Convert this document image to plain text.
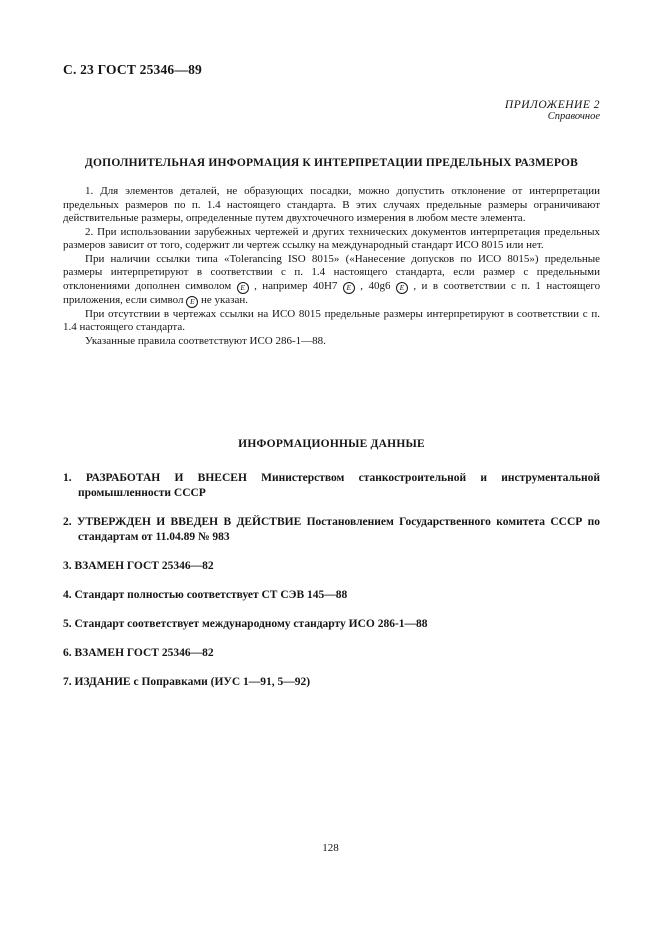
С. 23 ГОСТ 25346—89
ПРИЛОЖЕНИЕ 2
Справочное
ДОПОЛНИТЕЛЬНАЯ ИНФОРМАЦИЯ К ИНТЕРПРЕТАЦИИ ПРЕДЕЛЬНЫХ РАЗМЕРОВ

1. Для элементов деталей, не образующих посадки, можно допустить отклонение от интерпретации предельных размеров по п. 1.4 настоящего стандарта. В этих случаях предельные размеры ограничивают действительные размеры, определенные путем двухточечного измерения в любом месте элемента.

2. При использовании зарубежных чертежей и других технических документов интерпретация предельных размеров зависит от того, содержит ли чертеж ссылку на международный стандарт ИСО 8015 или нет.

При наличии ссылки типа «Tolerancing ISO 8015» («Нанесение допусков по ИСО 8015») предельные размеры интерпретируют в соответствии с п. 1.4 настоящего стандарта, если размер с предельными отклонениями дополнен символом E , например 40H7 E , 40g6 E , и в соответствии с п. 1 настоящего приложения, если символ E не указан.

При отсутствии в чертежах ссылки на ИСО 8015 предельные размеры интерпретируют в соответствии с п. 1.4 настоящего стандарта.

Указанные правила соответствуют ИСО 286-1—88.

ИНФОРМАЦИОННЫЕ ДАННЫЕ

1. РАЗРАБОТАН И ВНЕСЕН Министерством станкостроительной и инструментальной промышленности СССР

2. УТВЕРЖДЕН И ВВЕДЕН В ДЕЙСТВИЕ Постановлением Государственного комитета СССР по стандартам от 11.04.89 № 983

3. ВЗАМЕН ГОСТ 25346—82

4. Стандарт полностью соответствует СТ СЭВ 145—88

5. Стандарт соответствует международному стандарту ИСО 286-1—88

6. ВЗАМЕН ГОСТ 25346—82

7. ИЗДАНИЕ с Поправками (ИУС 1—91, 5—92)

128
